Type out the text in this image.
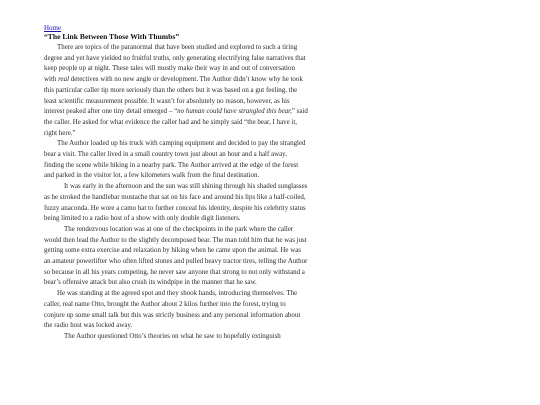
Home
“The Link Between Those With Thumbs”

There are topics of the paranormal that have been studied and explored to such a tiring degree and yet have yielded no fruitful truths, only generating electrifying false narratives that keep people up at night. These tales will mostly make their way in and out of conversation with real detectives with no new angle or development. The Author didn’t know why he took this particular caller tip more seriously than the others but it was based on a gut feeling, the least scientific measurement possible. It wasn’t for absolutely no reason, however, as his interest peaked after one tiny detail emerged – “no human could have strangled this bear,” said the caller. He asked for what evidence the caller had and he simply said “the bear, I have it, right here.”

The Author loaded up his truck with camping equipment and decided to pay the strangled bear a visit. The caller lived in a small country town just about an hour and a half away, finding the scene while hiking in a nearby park. The Author arrived at the edge of the forest and parked in the visitor lot, a few kilometers walk from the final destination.

It was early in the afternoon and the sun was still shining through his shaded sunglasses as he stroked the handlebar mustache that sat on his face and around his lips like a half-coiled, fuzzy anaconda. He wore a camo hat to further conceal his identity, despite his celebrity status being limited to a radio host of a show with only double digit listeners.

The rendezvous location was at one of the checkpoints in the park where the caller would then lead the Author to the slightly decomposed bear. The man told him that he was just getting some extra exercise and relaxation by hiking when he came upon the animal. He was an amateur powerlifter who often lifted stones and pulled heavy tractor tires, telling the Author so because in all his years competing, he never saw anyone that strong to not only withstand a bear’s offensive attack but also crush its windpipe in the manner that he saw.

He was standing at the agreed spot and they shook hands, introducing themselves. The caller, real name Otto, brought the Author about 2 kilos further into the forest, trying to conjure up some small talk but this was strictly business and any personal information about the radio host was locked away.

The Author questioned Otto’s theories on what he saw to hopefully extinguish
